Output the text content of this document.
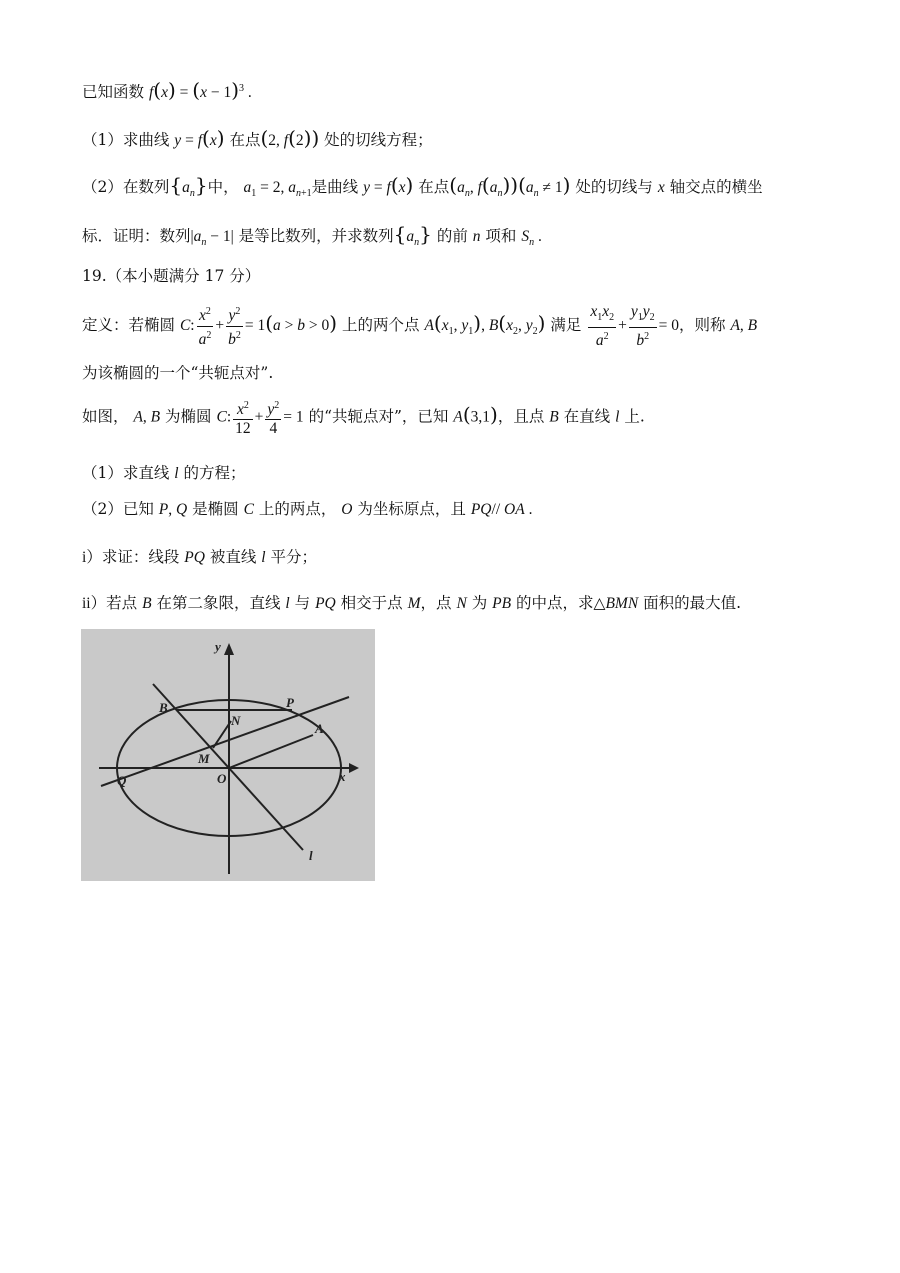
已知函数 $f(x) = (x - 1)^3$ .
（1）求曲线 y = f(x) 在点(2, f(2)) 处的切线方程；
（2）在数列$\{a_n\}$中， $a_1 = 2$, $a_{n+1}$是曲线 y = f(x) 在点($a_n$, $f(a_n))(a_n \ne 1)$ 处的切线与 x 轴交点的横坐
标．证明：数列$|a_n - 1|$ 是等比数列，并求数列$\{a_n\}$ 的前 n 项和 $S_n$ .
19.（本小题满分 17 分）
定义：若椭圆 C: $\frac{x^2}{a^2} + \frac{y^2}{b^2} = 1(a > b > 0)$ 上的两个点 $A(x_1$, $y_1$), $B(x_2$, $y_2$) 满足 $\frac{x_1x_2}{a^2} + \frac{y_1y_2}{b^2} = 0$，则称 A, B
为该椭圆的一个“共轭点对”.
如图， A, B 为椭圆 C: $\frac{x^2}{12} + \frac{y^2}{4} = 1$ 的“共轭点对”，已知 A(3,1)，且点 B 在直线 l 上.
（1）求直线 l 的方程；
（2）已知 P, Q 是椭圆 C 上的两点， O 为坐标原点，且 PQ// OA .
i）求证：线段 PQ 被直线 l 平分；
ii）若点 B 在第二象限，直线 l 与 PQ 相交于点 M，点 N 为 PB 的中点，求△BMN 面积的最大值.
y
x
B
N
P
A
M
Q	O
l
